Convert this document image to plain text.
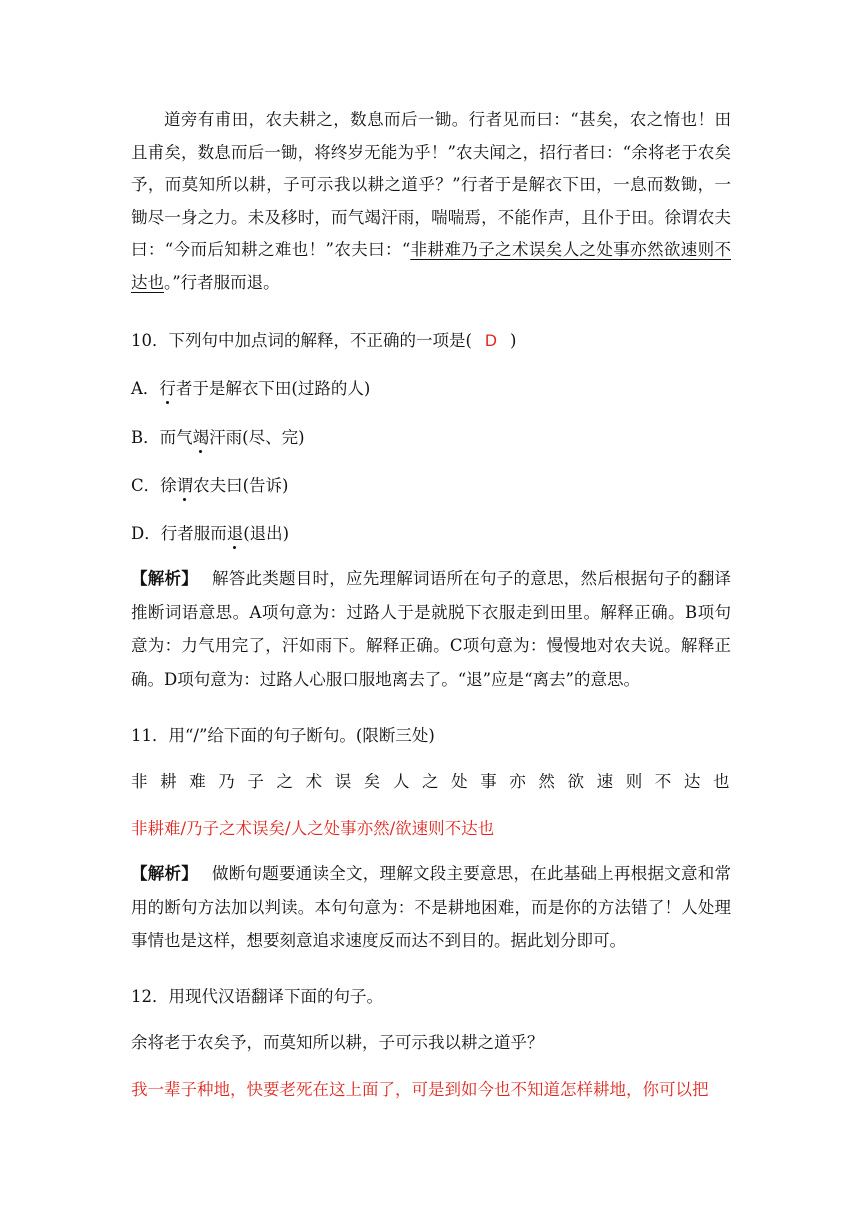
道旁有甫田，农夫耕之，数息而后一锄。行者见而曰：“甚矣，农之惰也！田且甫矣，数息而后一锄，将终岁无能为乎！”农夫闻之，招行者曰：“余将老于农矣予，而莫知所以耕，子可示我以耕之道乎？”行者于是解衣下田，一息而数锄，一锄尽一身之力。未及移时，而气竭汗雨，喘喘焉，不能作声，且仆于田。徐谓农夫曰：“今而后知耕之难也！”农夫曰：“非耕难乃子之术误矣人之处事亦然欲速则不达也。”行者服而退。

10．下列句中加点词的解释，不正确的一项是( D )
A．行者于是解衣下田(过路的人)
B．而气竭汗雨(尽、完)
C．徐谓农夫曰(告诉)
D．行者服而退(退出)
【解析】 解答此类题目时，应先理解词语所在句子的意思，然后根据句子的翻译推断词语意思。A项句意为：过路人于是就脱下衣服走到田里。解释正确。B项句意为：力气用完了，汗如雨下。解释正确。C项句意为：慢慢地对农夫说。解释正确。D项句意为：过路人心服口服地离去了。“退”应是“离去”的意思。
11．用“/”给下面的句子断句。(限断三处)
非耕难乃子之术误矣人之处事亦然欲速则不达也
非耕难/乃子之术误矣/人之处事亦然/欲速则不达也
【解析】 做断句题要通读全文，理解文段主要意思，在此基础上再根据文意和常用的断句方法加以判读。本句句意为：不是耕地困难，而是你的方法错了！人处理事情也是这样，想要刻意追求速度反而达不到目的。据此划分即可。
12．用现代汉语翻译下面的句子。
余将老于农矣予，而莫知所以耕，子可示我以耕之道乎？
我一辈子种地，快要老死在这上面了，可是到如今也不知道怎样耕地，你可以把
